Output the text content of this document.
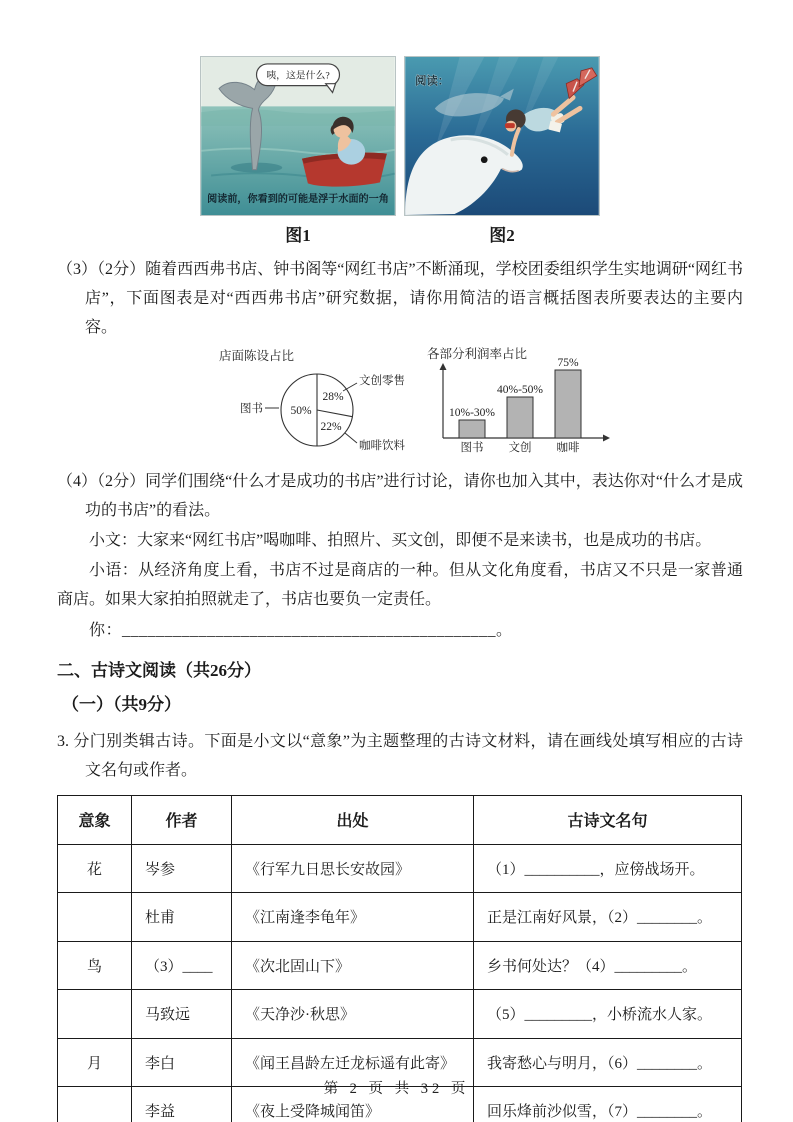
咦，这是什么?
阅读前，你看到的可能是浮于水面的一角
图1
阅读：
图2
（3）（2分）随着西西弗书店、钟书阁等“网红书店”不断涌现，学校团委组织学生实地调研“网红书店”，下面图表是对“西西弗书店”研究数据，请你用简洁的语言概括图表所要表达的主要内容。
店面陈设占比
50%
28%
22%
图书
文创零售
咖啡饮料
各部分利润率占比
10%-30%
40%-50%
75%
图书 文创 咖啡
（4）（2分）同学们围绕“什么才是成功的书店”进行讨论，请你也加入其中，表达你对“什么才是成功的书店”的看法。
小文：大家来“网红书店”喝咖啡、拍照片、买文创，即便不是来读书，也是成功的书店。
小语：从经济角度上看，书店不过是商店的一种。但从文化角度看，书店又不只是一家普通商店。如果大家拍拍照就走了，书店也要负一定责任。
你：____________________________________________。
二、古诗文阅读（共26分）
（一）（共9分）
3. 分门别类辑古诗。下面是小文以“意象”为主题整理的古诗文材料，请在画线处填写相应的古诗文名句或作者。
意象	作者	出处	古诗文名句
花	岑参	《行军九日思长安故园》	（1）__________，应傍战场开。
	杜甫	《江南逢李龟年》	正是江南好风景，（2）________。
鸟	（3）____	《次北固山下》	乡书何处达？（4）_________。
	马致远	《天净沙·秋思》	（5）_________，小桥流水人家。
月	李白	《闻王昌龄左迁龙标遥有此寄》	我寄愁心与明月，（6）________。
	李益	《夜上受降城闻笛》	回乐烽前沙似雪，（7）________。
第 2 页 共 32 页
